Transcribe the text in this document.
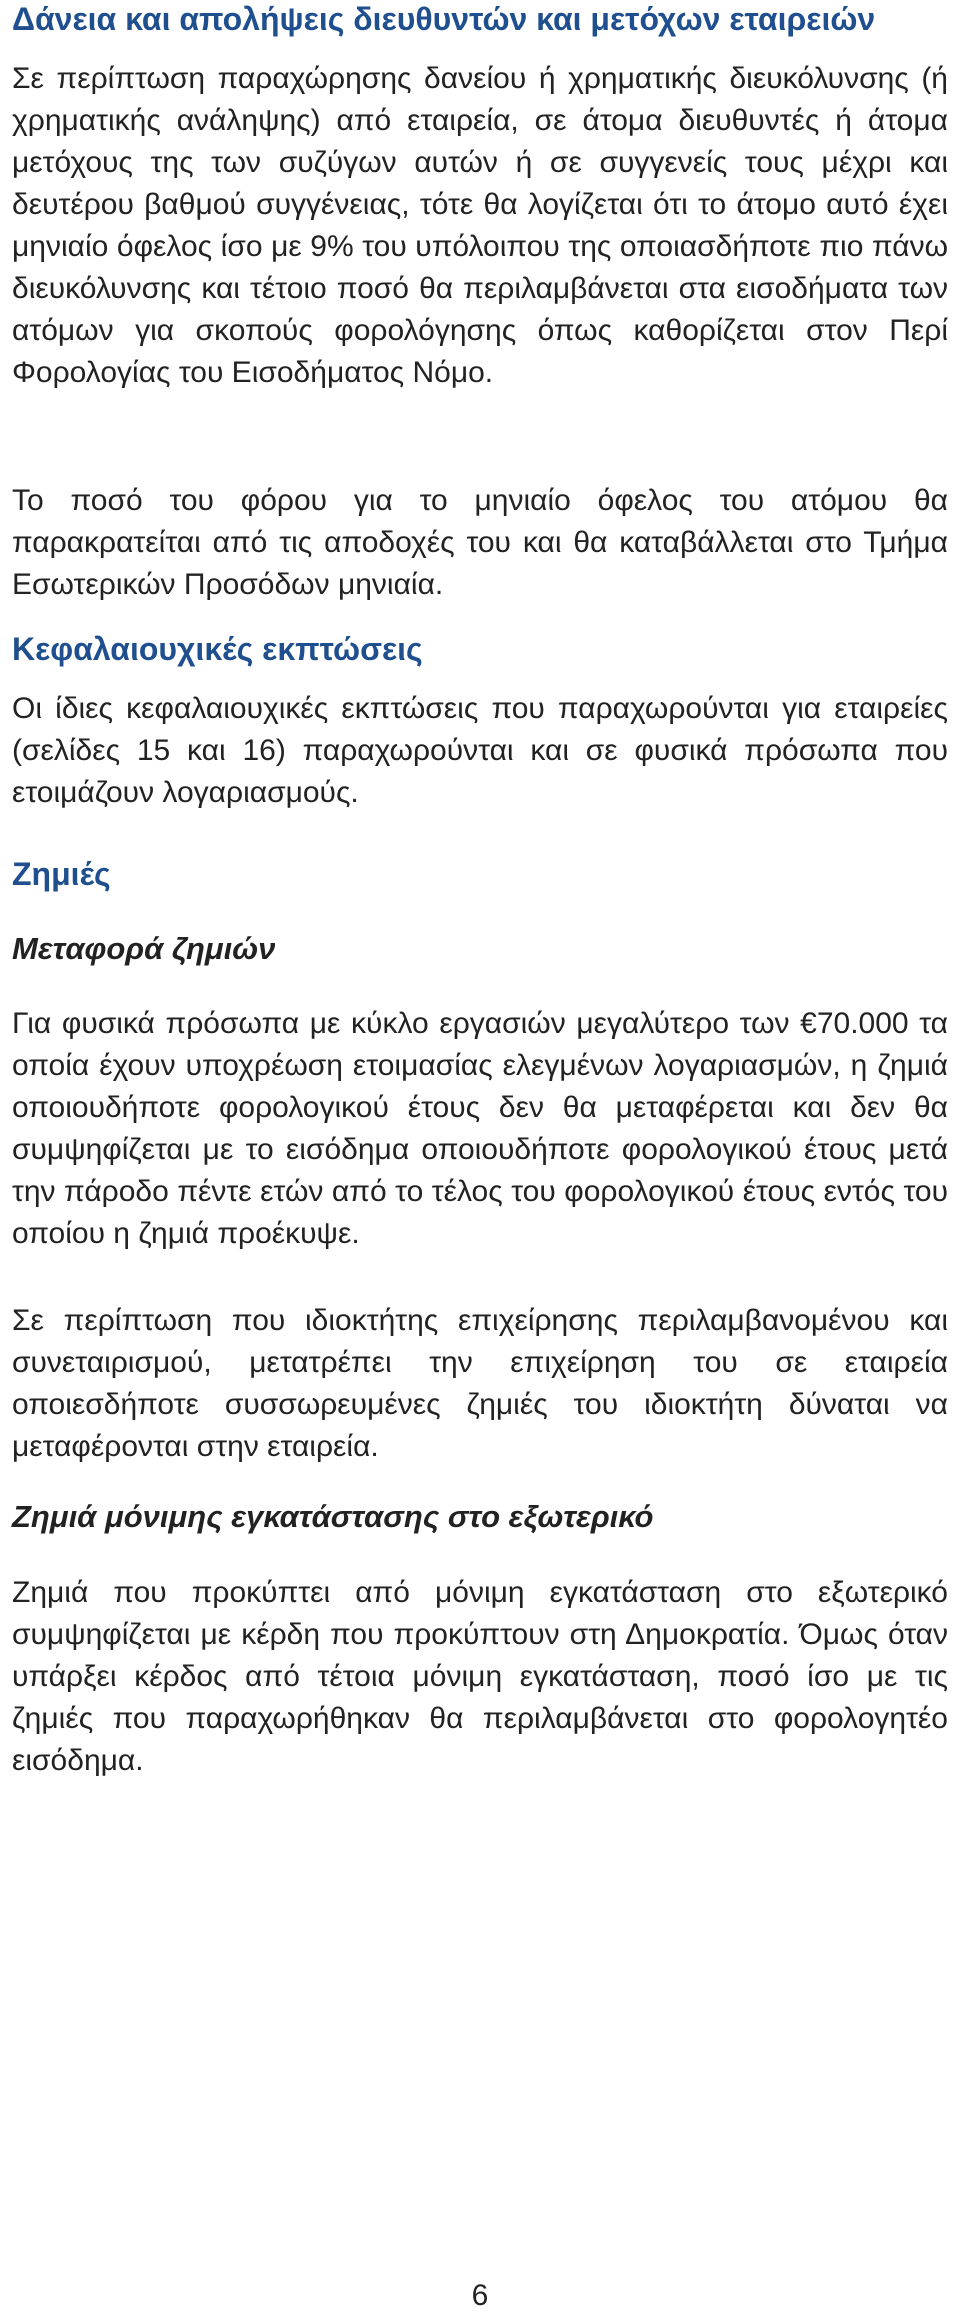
Δάνεια και απολήψεις διευθυντών και μετόχων εταιρειών

Σε περίπτωση παραχώρησης δανείου ή χρηματικής διευκόλυνσης (ή χρηματικής ανάληψης) από εταιρεία, σε άτομα διευθυντές ή άτομα μετόχους της των συζύγων αυτών ή σε συγγενείς τους μέχρι και δευτέρου βαθμού συγγένειας, τότε θα λογίζεται ότι το άτομο αυτό έχει μηνιαίο όφελος ίσο με 9% του υπόλοιπου της οποιασδήποτε πιο πάνω διευκόλυνσης και τέτοιο ποσό θα περιλαμβάνεται στα εισοδήματα των ατόμων για σκοπούς φορολόγησης όπως καθορίζεται στον Περί Φορολογίας του Εισοδήματος Νόμο.

Το ποσό του φόρου για το μηνιαίο όφελος του ατόμου θα παρακρατείται από τις αποδοχές του και θα καταβάλλεται στο Τμήμα Εσωτερικών Προσόδων μηνιαία.

Κεφαλαιουχικές εκπτώσεις

Οι ίδιες κεφαλαιουχικές εκπτώσεις που παραχωρούνται για εταιρείες (σελίδες 15 και 16) παραχωρούνται και σε φυσικά πρόσωπα που ετοιμάζουν λογαριασμούς.

Ζημιές
Μεταφορά ζημιών

Για φυσικά πρόσωπα με κύκλο εργασιών μεγαλύτερο των €70.000 τα οποία έχουν υποχρέωση ετοιμασίας ελεγμένων λογαριασμών, η ζημιά οποιουδήποτε φορολογικού έτους δεν θα μεταφέρεται και δεν θα συμψηφίζεται με το εισόδημα οποιουδήποτε φορολογικού έτους μετά την πάροδο πέντε ετών από το τέλος του φορολογικού έτους εντός του οποίου η ζημιά προέκυψε.

Σε περίπτωση που ιδιοκτήτης επιχείρησης περιλαμβανομένου και συνεταιρισμού, μετατρέπει την επιχείρηση του σε εταιρεία οποιεσδήποτε συσσωρευμένες ζημιές του ιδιοκτήτη δύναται να μεταφέρονται στην εταιρεία.

Ζημιά μόνιμης εγκατάστασης στο εξωτερικό

Ζημιά που προκύπτει από μόνιμη εγκατάσταση στο εξωτερικό συμψηφίζεται με κέρδη που προκύπτουν στη Δημοκρατία. Όμως όταν υπάρξει κέρδος από τέτοια μόνιμη εγκατάσταση, ποσό ίσο με τις ζημιές που παραχωρήθηκαν θα περιλαμβάνεται στο φορολογητέο εισόδημα.

6
